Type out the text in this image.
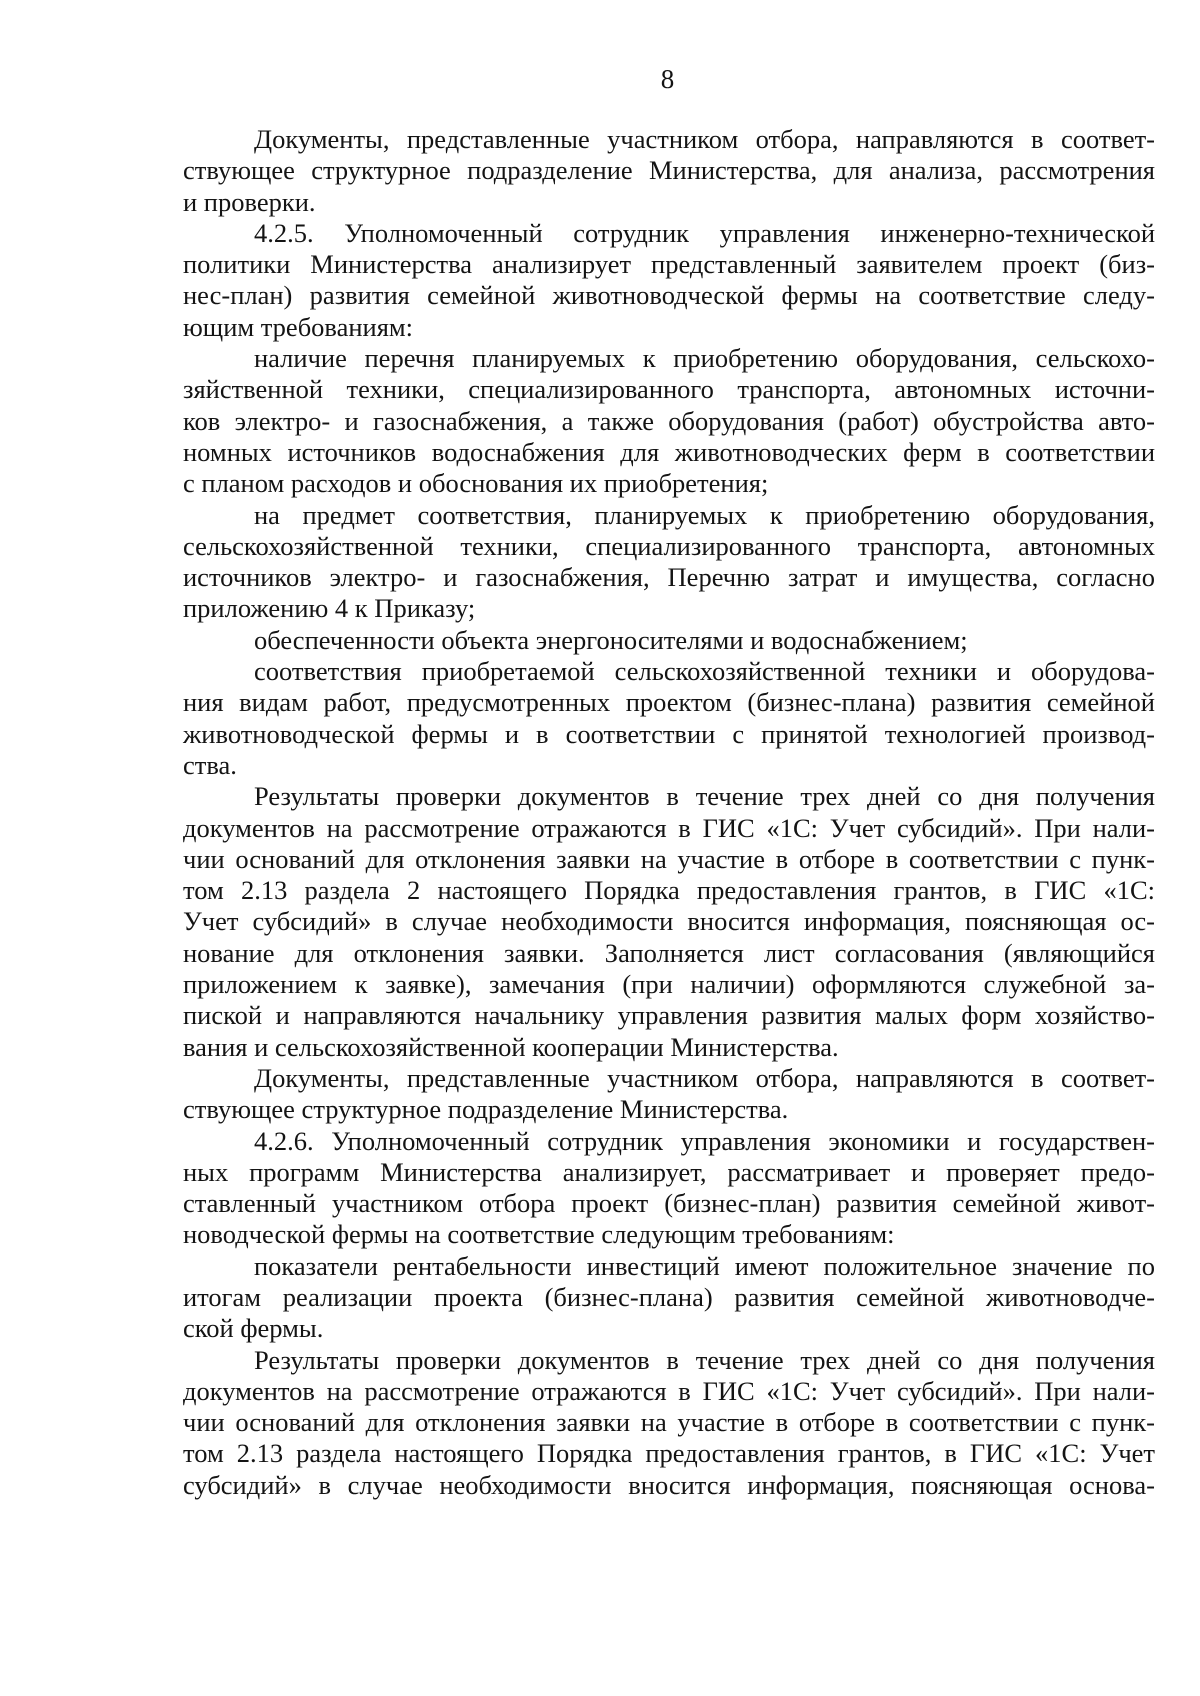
8
Документы, представленные участником отбора, направляются в соответ-
ствующее структурное подразделение Министерства, для анализа, рассмотрения
и проверки.
4.2.5. Уполномоченный сотрудник управления инженерно-технической
политики Министерства анализирует представленный заявителем проект (биз-
нес-план) развития семейной животноводческой фермы на соответствие следу-
ющим требованиям:
наличие перечня планируемых к приобретению оборудования, сельскохо-
зяйственной техники, специализированного транспорта, автономных источни-
ков электро- и газоснабжения, а также оборудования (работ) обустройства авто-
номных источников водоснабжения для животноводческих ферм в соответствии
с планом расходов и обоснования их приобретения;
на предмет соответствия, планируемых к приобретению оборудования,
сельскохозяйственной техники, специализированного транспорта, автономных
источников электро- и газоснабжения, Перечню затрат и имущества, согласно
приложению 4 к Приказу;
обеспеченности объекта энергоносителями и водоснабжением;
соответствия приобретаемой сельскохозяйственной техники и оборудова-
ния видам работ, предусмотренных проектом (бизнес-плана) развития семейной
животноводческой фермы и в соответствии с принятой технологией производ-
ства.
Результаты проверки документов в течение трех дней со дня получения
документов на рассмотрение отражаются в ГИС «1С: Учет субсидий». При нали-
чии оснований для отклонения заявки на участие в отборе в соответствии с пунк-
том 2.13 раздела 2 настоящего Порядка предоставления грантов, в ГИС «1С:
Учет субсидий» в случае необходимости вносится информация, поясняющая ос-
нование для отклонения заявки. Заполняется лист согласования (являющийся
приложением к заявке), замечания (при наличии) оформляются служебной за-
пиской и направляются начальнику управления развития малых форм хозяйство-
вания и сельскохозяйственной кооперации Министерства.
Документы, представленные участником отбора, направляются в соответ-
ствующее структурное подразделение Министерства.
4.2.6. Уполномоченный сотрудник управления экономики и государствен-
ных программ Министерства анализирует, рассматривает и проверяет предо-
ставленный участником отбора проект (бизнес-план) развития семейной живот-
новодческой фермы на соответствие следующим требованиям:
показатели рентабельности инвестиций имеют положительное значение по
итогам реализации проекта (бизнес-плана) развития семейной животноводче-
ской фермы.
Результаты проверки документов в течение трех дней со дня получения
документов на рассмотрение отражаются в ГИС «1С: Учет субсидий». При нали-
чии оснований для отклонения заявки на участие в отборе в соответствии с пунк-
том 2.13 раздела настоящего Порядка предоставления грантов, в ГИС «1С: Учет
субсидий» в случае необходимости вносится информация, поясняющая основа-
